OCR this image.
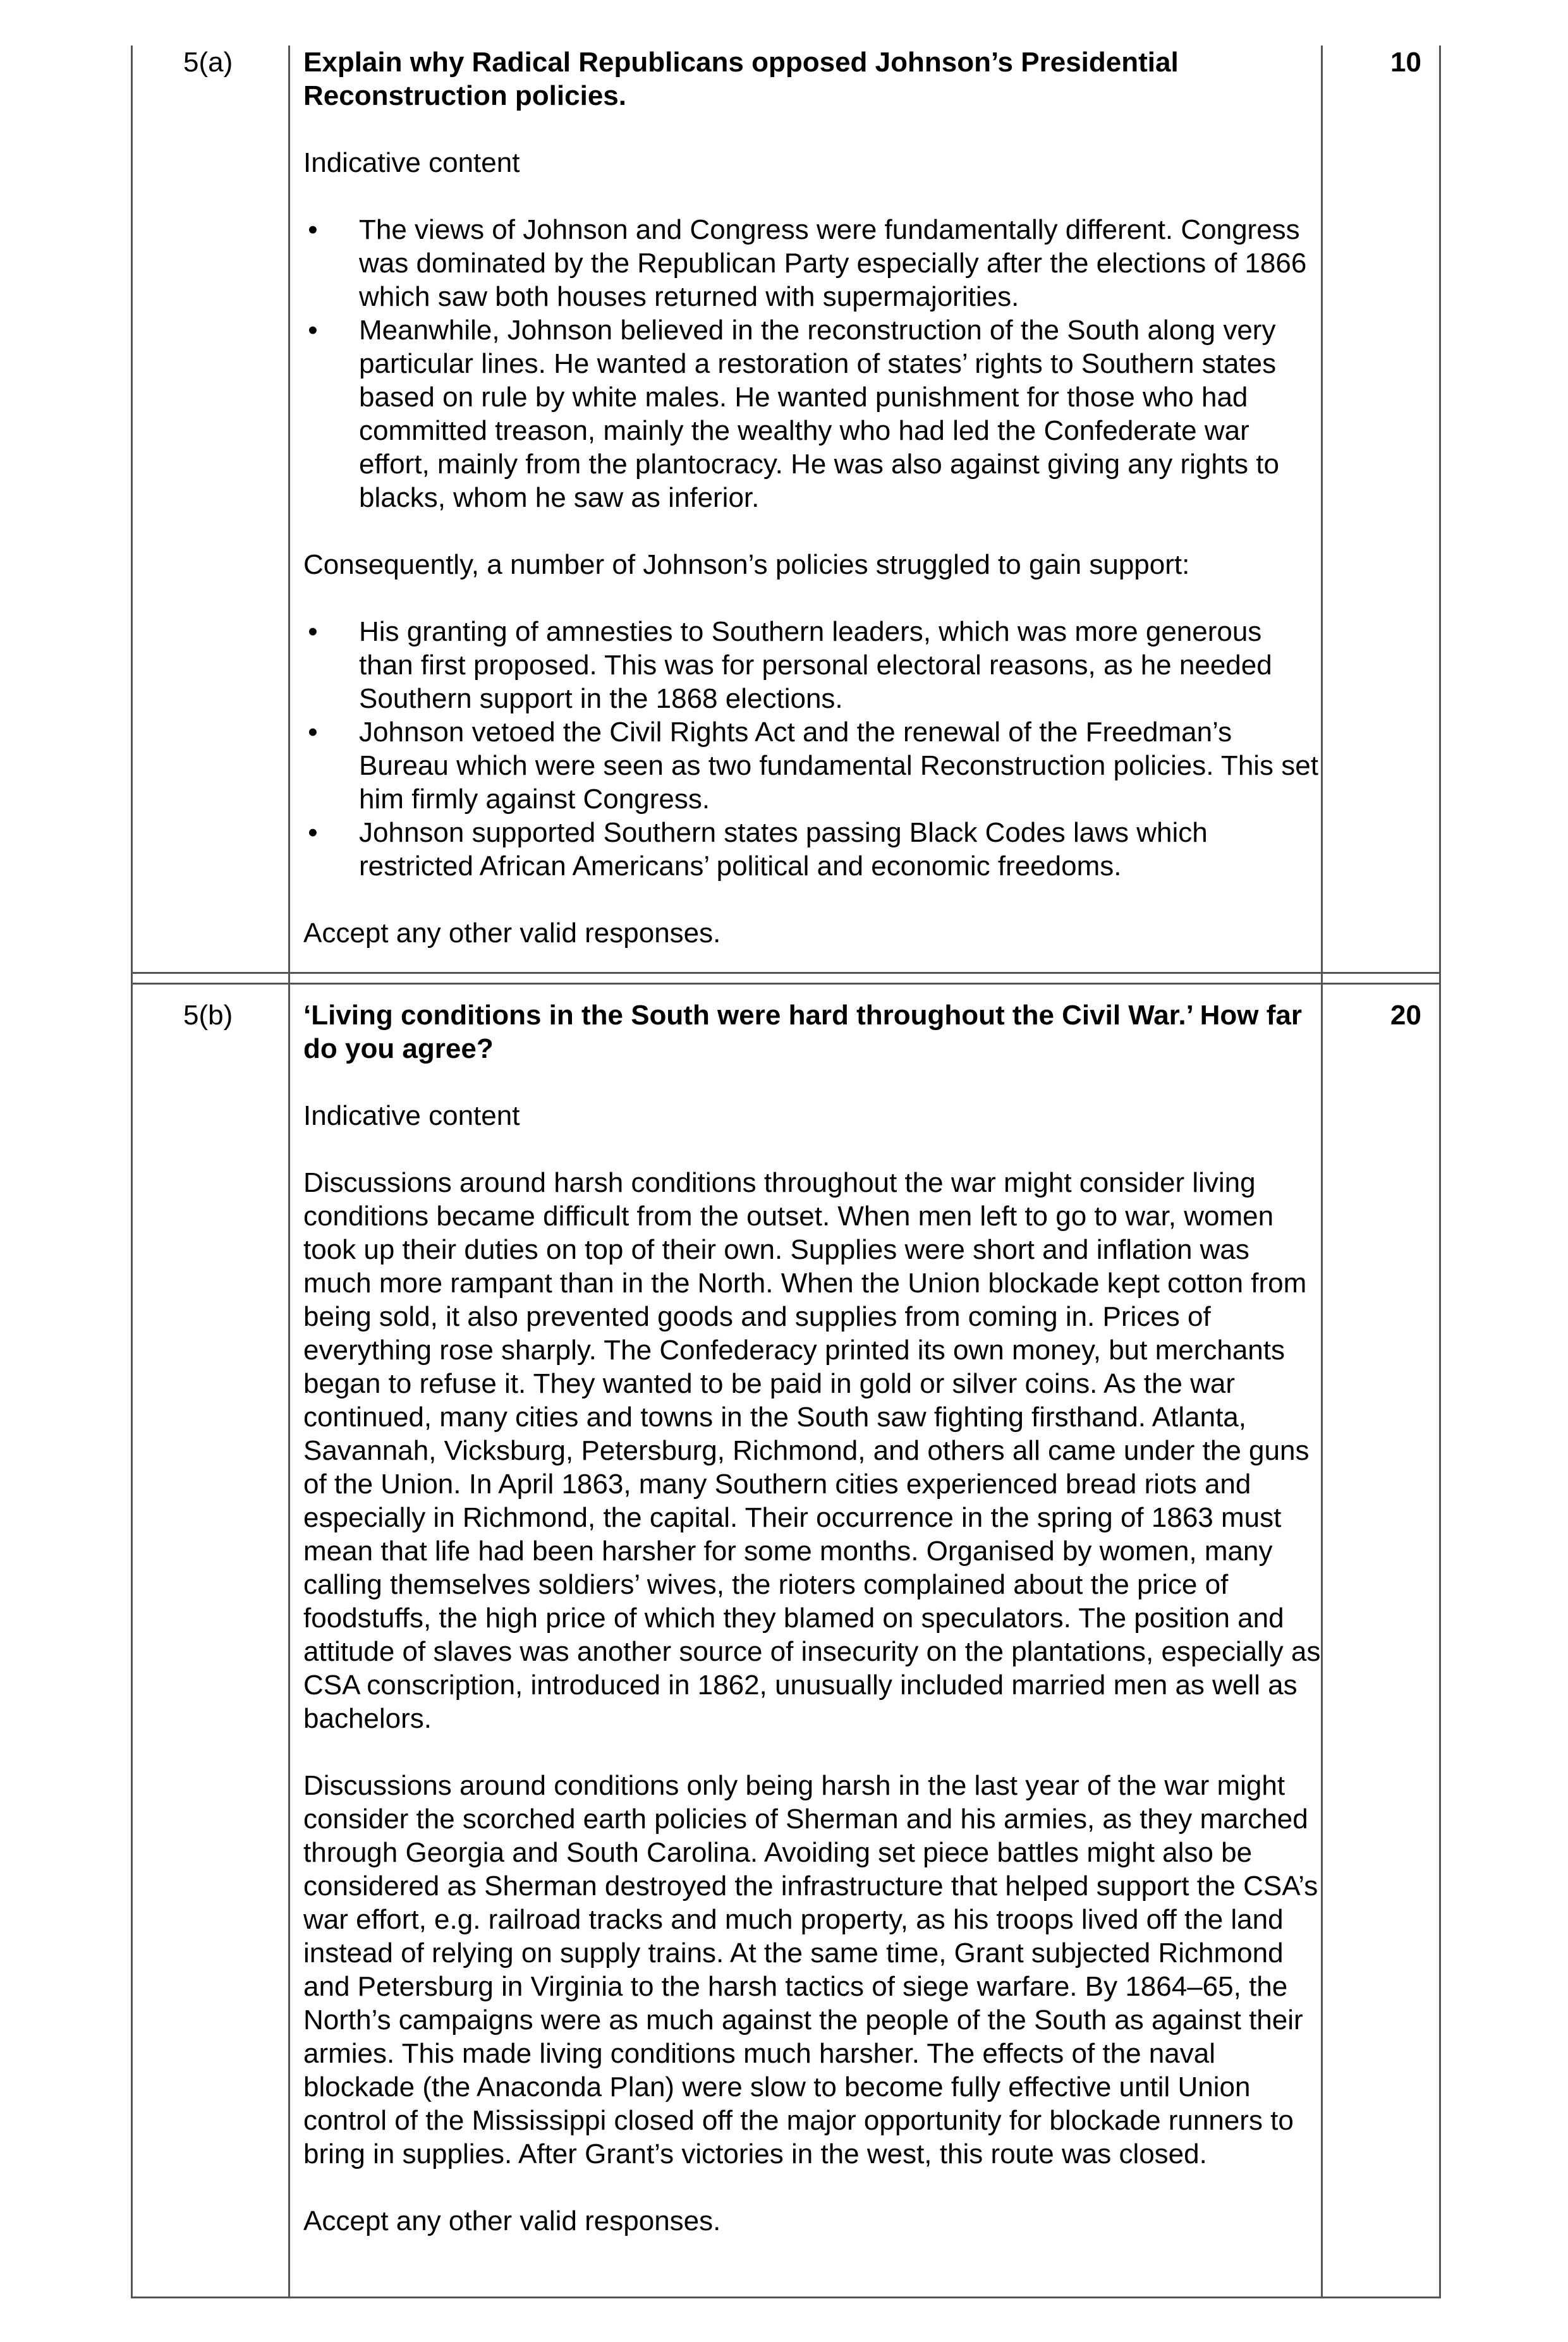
5(a)	10

Explain why Radical Republicans opposed Johnson’s Presidential Reconstruction policies.

Indicative content

• The views of Johnson and Congress were fundamentally different. Congress was dominated by the Republican Party especially after the elections of 1866 which saw both houses returned with supermajorities.
• Meanwhile, Johnson believed in the reconstruction of the South along very particular lines. He wanted a restoration of states’ rights to Southern states based on rule by white males. He wanted punishment for those who had committed treason, mainly the wealthy who had led the Confederate war effort, mainly from the plantocracy. He was also against giving any rights to blacks, whom he saw as inferior.

Consequently, a number of Johnson’s policies struggled to gain support:

• His granting of amnesties to Southern leaders, which was more generous than first proposed. This was for personal electoral reasons, as he needed Southern support in the 1868 elections.
• Johnson vetoed the Civil Rights Act and the renewal of the Freedman’s Bureau which were seen as two fundamental Reconstruction policies. This set him firmly against Congress.
• Johnson supported Southern states passing Black Codes laws which restricted African Americans’ political and economic freedoms.

Accept any other valid responses.

5(b)	20

‘Living conditions in the South were hard throughout the Civil War.’ How far do you agree?

Indicative content

Discussions around harsh conditions throughout the war might consider living conditions became difficult from the outset. When men left to go to war, women took up their duties on top of their own. Supplies were short and inflation was much more rampant than in the North. When the Union blockade kept cotton from being sold, it also prevented goods and supplies from coming in. Prices of everything rose sharply. The Confederacy printed its own money, but merchants began to refuse it. They wanted to be paid in gold or silver coins. As the war continued, many cities and towns in the South saw fighting firsthand. Atlanta, Savannah, Vicksburg, Petersburg, Richmond, and others all came under the guns of the Union. In April 1863, many Southern cities experienced bread riots and especially in Richmond, the capital. Their occurrence in the spring of 1863 must mean that life had been harsher for some months. Organised by women, many calling themselves soldiers’ wives, the rioters complained about the price of foodstuffs, the high price of which they blamed on speculators. The position and attitude of slaves was another source of insecurity on the plantations, especially as CSA conscription, introduced in 1862, unusually included married men as well as bachelors.

Discussions around conditions only being harsh in the last year of the war might consider the scorched earth policies of Sherman and his armies, as they marched through Georgia and South Carolina. Avoiding set piece battles might also be considered as Sherman destroyed the infrastructure that helped support the CSA’s war effort, e.g. railroad tracks and much property, as his troops lived off the land instead of relying on supply trains. At the same time, Grant subjected Richmond and Petersburg in Virginia to the harsh tactics of siege warfare. By 1864–65, the North’s campaigns were as much against the people of the South as against their armies. This made living conditions much harsher. The effects of the naval blockade (the Anaconda Plan) were slow to become fully effective until Union control of the Mississippi closed off the major opportunity for blockade runners to bring in supplies. After Grant’s victories in the west, this route was closed.

Accept any other valid responses.
